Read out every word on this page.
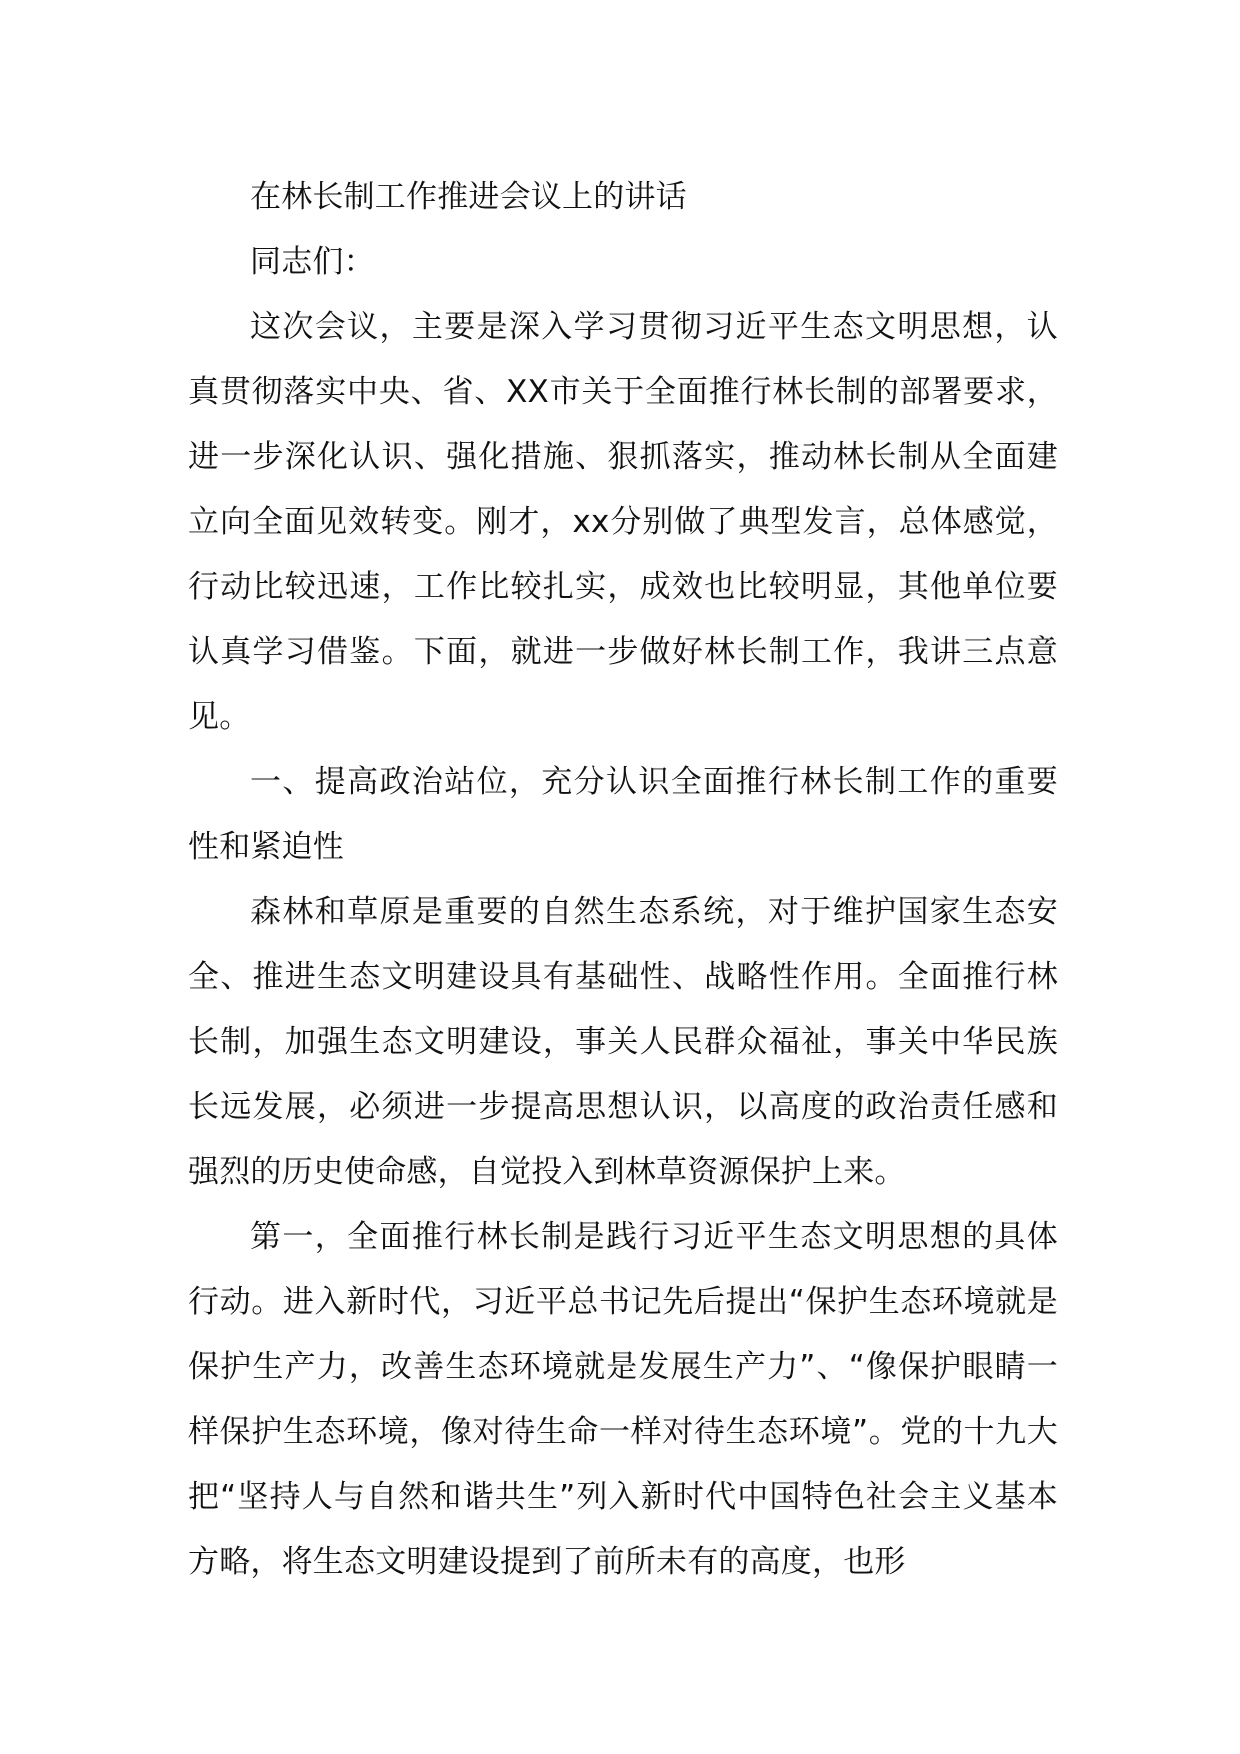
在林长制工作推进会议上的讲话

同志们：

这次会议，主要是深入学习贯彻习近平生态文明思想，认真贯彻落实中央、省、XX市关于全面推行林长制的部署要求，进一步深化认识、强化措施、狠抓落实，推动林长制从全面建立向全面见效转变。刚才，xx分别做了典型发言，总体感觉，行动比较迅速，工作比较扎实，成效也比较明显，其他单位要认真学习借鉴。下面，就进一步做好林长制工作，我讲三点意见。

一、提高政治站位，充分认识全面推行林长制工作的重要性和紧迫性

森林和草原是重要的自然生态系统，对于维护国家生态安全、推进生态文明建设具有基础性、战略性作用。全面推行林长制，加强生态文明建设，事关人民群众福祉，事关中华民族长远发展，必须进一步提高思想认识，以高度的政治责任感和强烈的历史使命感，自觉投入到林草资源保护上来。

第一，全面推行林长制是践行习近平生态文明思想的具体行动。进入新时代，习近平总书记先后提出“保护生态环境就是保护生产力，改善生态环境就是发展生产力”、“像保护眼睛一样保护生态环境，像对待生命一样对待生态环境”。党的十九大把“坚持人与自然和谐共生”列入新时代中国特色社会主义基本方略，将生态文明建设提到了前所未有的高度，也形
